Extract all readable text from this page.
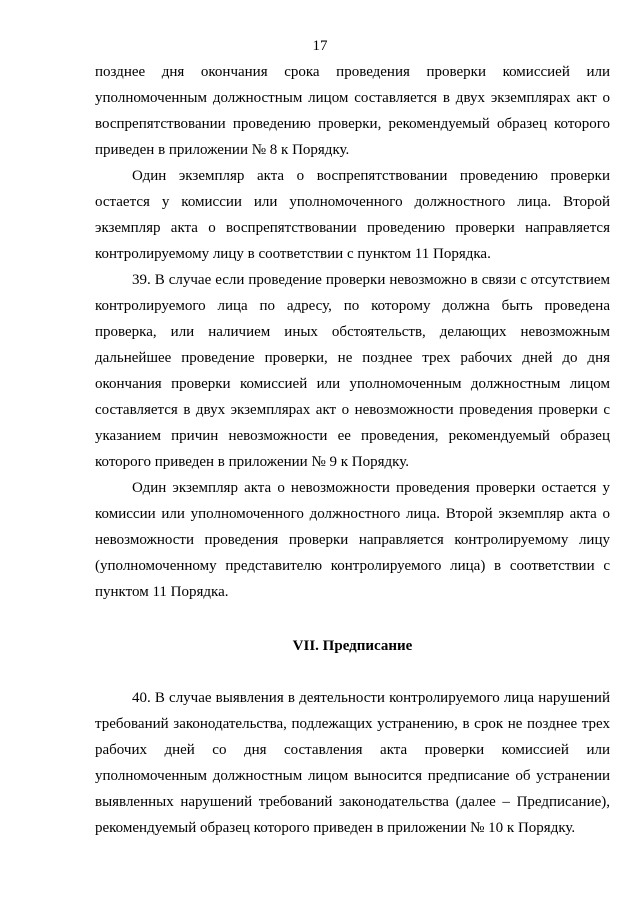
17

позднее дня окончания срока проведения проверки комиссией или уполномоченным должностным лицом составляется в двух экземплярах акт о воспрепятствовании проведению проверки, рекомендуемый образец которого приведен в приложении № 8 к Порядку.

Один экземпляр акта о воспрепятствовании проведению проверки остается у комиссии или уполномоченного должностного лица. Второй экземпляр акта о воспрепятствовании проведению проверки направляется контролируемому лицу в соответствии с пунктом 11 Порядка.

39. В случае если проведение проверки невозможно в связи с отсутствием контролируемого лица по адресу, по которому должна быть проведена проверка, или наличием иных обстоятельств, делающих невозможным дальнейшее проведение проверки, не позднее трех рабочих дней до дня окончания проверки комиссией или уполномоченным должностным лицом составляется в двух экземплярах акт о невозможности проведения проверки с указанием причин невозможности ее проведения, рекомендуемый образец которого приведен в приложении № 9 к Порядку.

Один экземпляр акта о невозможности проведения проверки остается у комиссии или уполномоченного должностного лица. Второй экземпляр акта о невозможности проведения проверки направляется контролируемому лицу (уполномоченному представителю контролируемого лица) в соответствии с пунктом 11 Порядка.

VII. Предписание

40. В случае выявления в деятельности контролируемого лица нарушений требований законодательства, подлежащих устранению, в срок не позднее трех рабочих дней со дня составления акта проверки комиссией или уполномоченным должностным лицом выносится предписание об устранении выявленных нарушений требований законодательства (далее – Предписание), рекомендуемый образец которого приведен в приложении № 10 к Порядку.
